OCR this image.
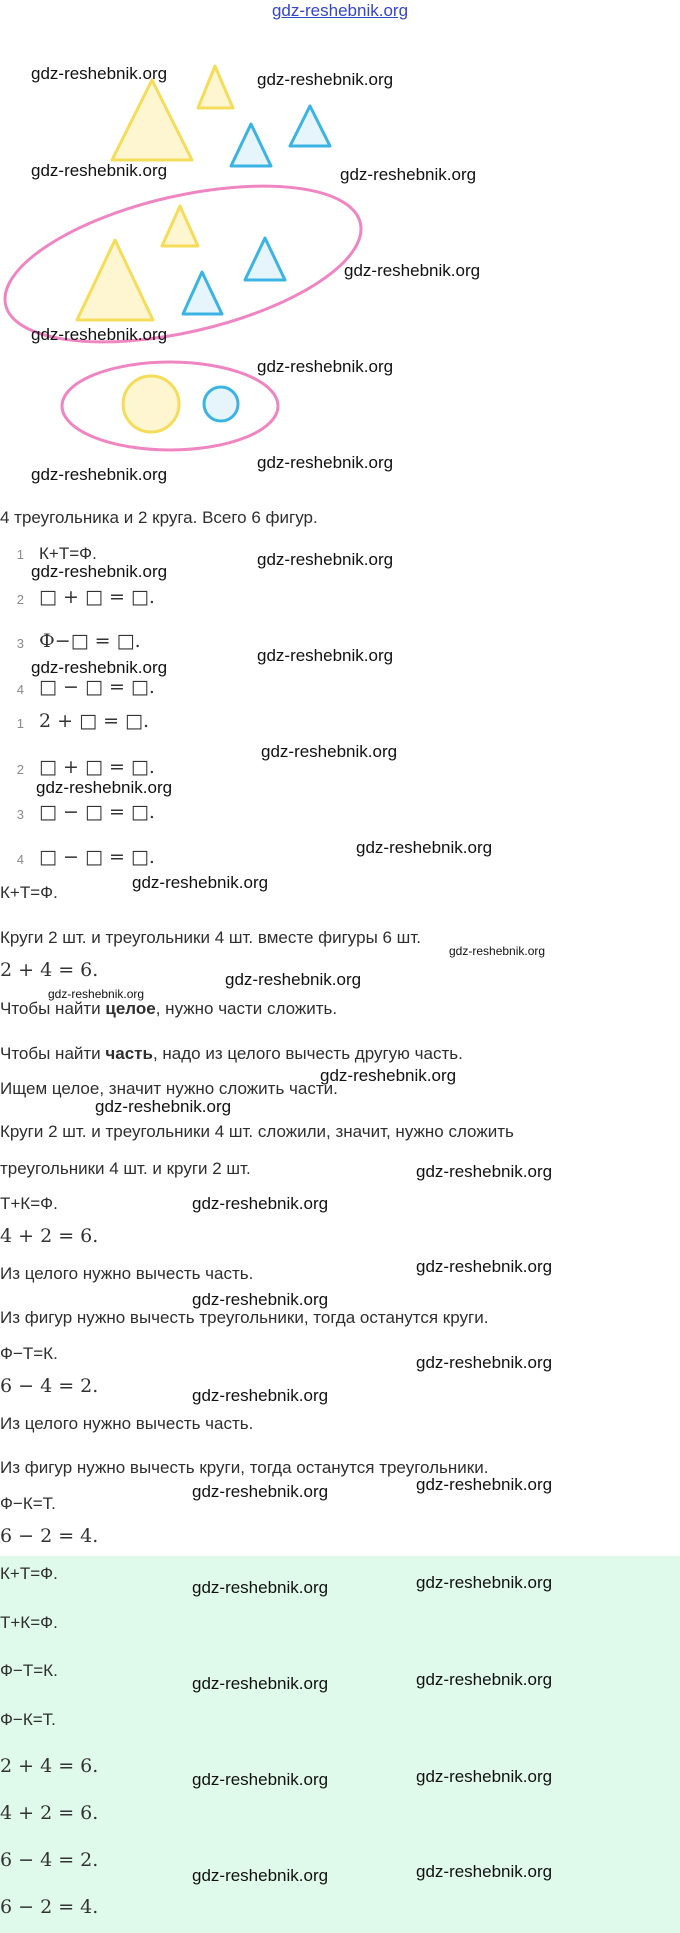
gdz-reshebnik.org
gdz-reshebnik.org	gdz-reshebnik.org
gdz-reshebnik.org	gdz-reshebnik.org
gdz-reshebnik.org
gdz-reshebnik.org
gdz-reshebnik.org
gdz-reshebnik.org
gdz-reshebnik.org
4 треугольника и 2 круга. Всего 6 фигур.
1 К+Т=Ф.
gdz-reshebnik.org
gdz-reshebnik.org
2 □ + □ = □.
3 Ф−□ = □.
gdz-reshebnik.org
gdz-reshebnik.org
4 □ − □ = □.
1 2 + □ = □.
gdz-reshebnik.org
2 □ + □ = □.
gdz-reshebnik.org
3 □ − □ = □.
gdz-reshebnik.org
4 □ − □ = □.
К+Т=Ф.
gdz-reshebnik.org
Круги 2 шт. и треугольники 4 шт. вместе фигуры 6 шт.
gdz-reshebnik.org
2 + 4 = 6.	gdz-reshebnik.org
gdz-reshebnik.org
Чтобы найти целое, нужно части сложить.
Чтобы найти часть, надо из целого вычесть другую часть.
gdz-reshebnik.org
Ищем целое, значит нужно сложить части.
gdz-reshebnik.org
Круги 2 шт. и треугольники 4 шт. сложили, значит, нужно сложить
треугольники 4 шт. и круги 2 шт.	gdz-reshebnik.org
Т+К=Ф.	gdz-reshebnik.org
4 + 2 = 6.
Из целого нужно вычесть часть.	gdz-reshebnik.org
gdz-reshebnik.org
Из фигур нужно вычесть треугольники, тогда останутся круги.
Ф−Т=К.	gdz-reshebnik.org
6 − 4 = 2.	gdz-reshebnik.org
Из целого нужно вычесть часть.
Из фигур нужно вычесть круги, тогда останутся треугольники.
gdz-reshebnik.org
gdz-reshebnik.org
Ф−К=Т.
6 − 2 = 4.
К+Т=Ф.
gdz-reshebnik.org	gdz-reshebnik.org
Т+К=Ф.
Ф−Т=К.
gdz-reshebnik.org	gdz-reshebnik.org
Ф−К=Т.
2 + 4 = 6.
gdz-reshebnik.org	gdz-reshebnik.org
4 + 2 = 6.
6 − 4 = 2.
gdz-reshebnik.org	gdz-reshebnik.org
6 − 2 = 4.
